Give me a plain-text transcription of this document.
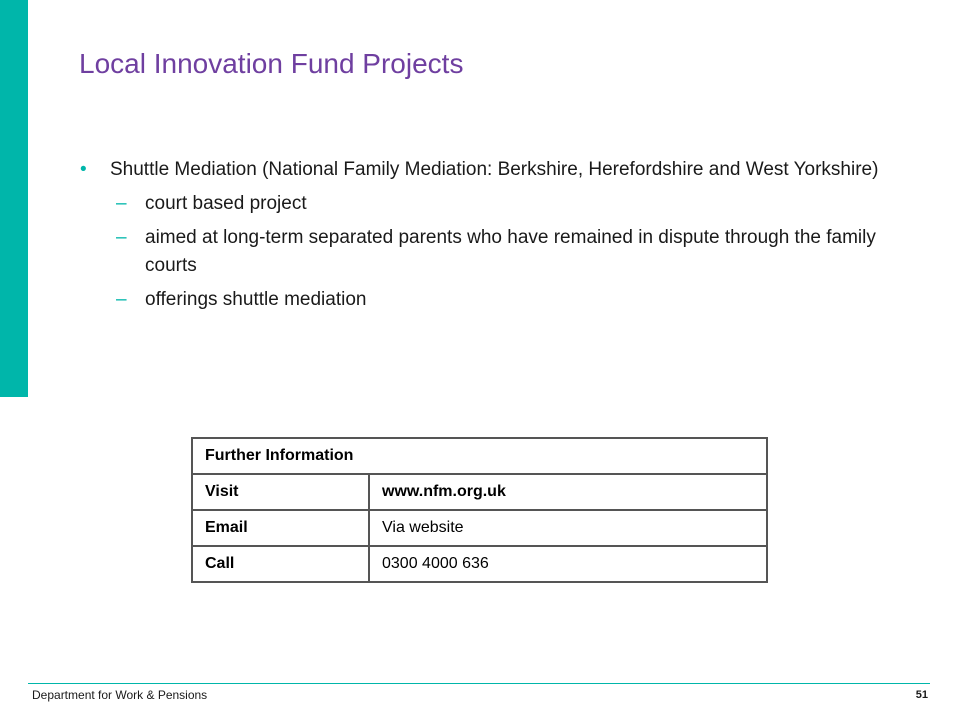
Local Innovation Fund Projects
• Shuttle Mediation (National Family Mediation: Berkshire, Herefordshire and West Yorkshire)
– court based project
– aimed at long-term separated parents who have remained in dispute through the family courts
– offerings shuttle mediation
Further Information	
Visit	www.nfm.org.uk
Email	Via website
Call	0300 4000 636
Department for Work & Pensions	51
